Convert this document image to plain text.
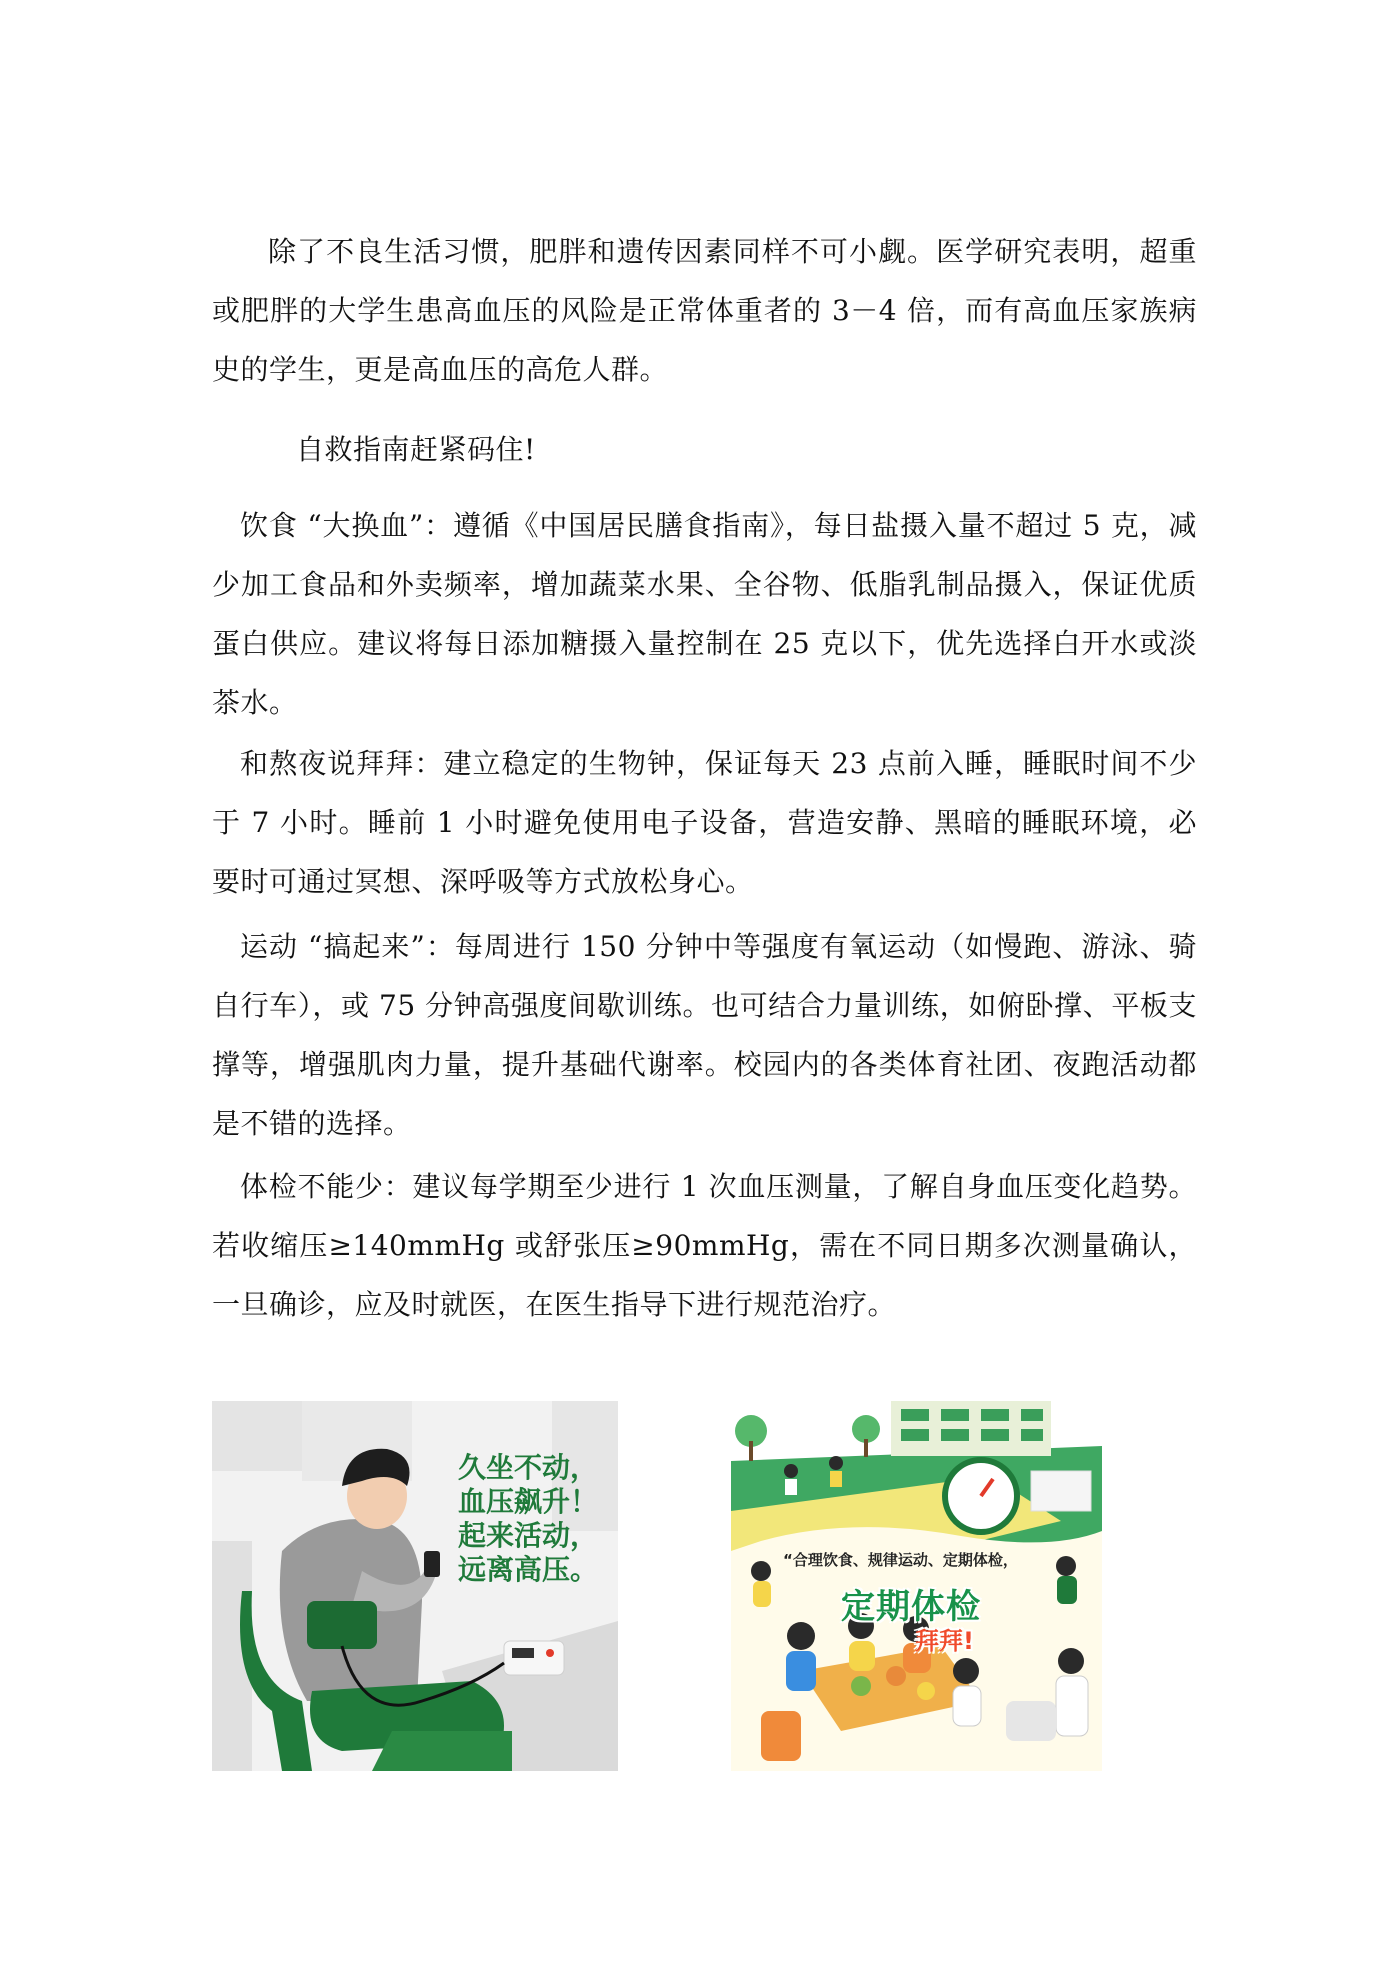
除了不良生活习惯，肥胖和遗传因素同样不可小觑。医学研究表明，超重或肥胖的大学生患高血压的风险是正常体重者的 3－4 倍，而有高血压家族病史的学生，更是高血压的高危人群。

自救指南赶紧码住!

饮食 “大换血”：遵循《中国居民膳食指南》，每日盐摄入量不超过 5 克，减少加工食品和外卖频率，增加蔬菜水果、全谷物、低脂乳制品摄入，保证优质蛋白供应。建议将每日添加糖摄入量控制在 25 克以下，优先选择白开水或淡茶水。

和熬夜说拜拜：建立稳定的生物钟，保证每天 23 点前入睡，睡眠时间不少于 7 小时。睡前 1 小时避免使用电子设备，营造安静、黑暗的睡眠环境，必要时可通过冥想、深呼吸等方式放松身心。

运动 “搞起来”：每周进行 150 分钟中等强度有氧运动（如慢跑、游泳、骑自行车），或 75 分钟高强度间歇训练。也可结合力量训练，如俯卧撑、平板支撑等，增强肌肉力量，提升基础代谢率。校园内的各类体育社团、夜跑活动都是不错的选择。

体检不能少：建议每学期至少进行 1 次血压测量，了解自身血压变化趋势。若收缩压≥140mmHg 或舒张压≥90mmHg，需在不同日期多次测量确认，一旦确诊，应及时就医，在医生指导下进行规范治疗。

久坐不动，
血压飙升！
起来活动，
远离高压。	“合理饮食、规律运动、定期体检，
定期体检
拜拜!
